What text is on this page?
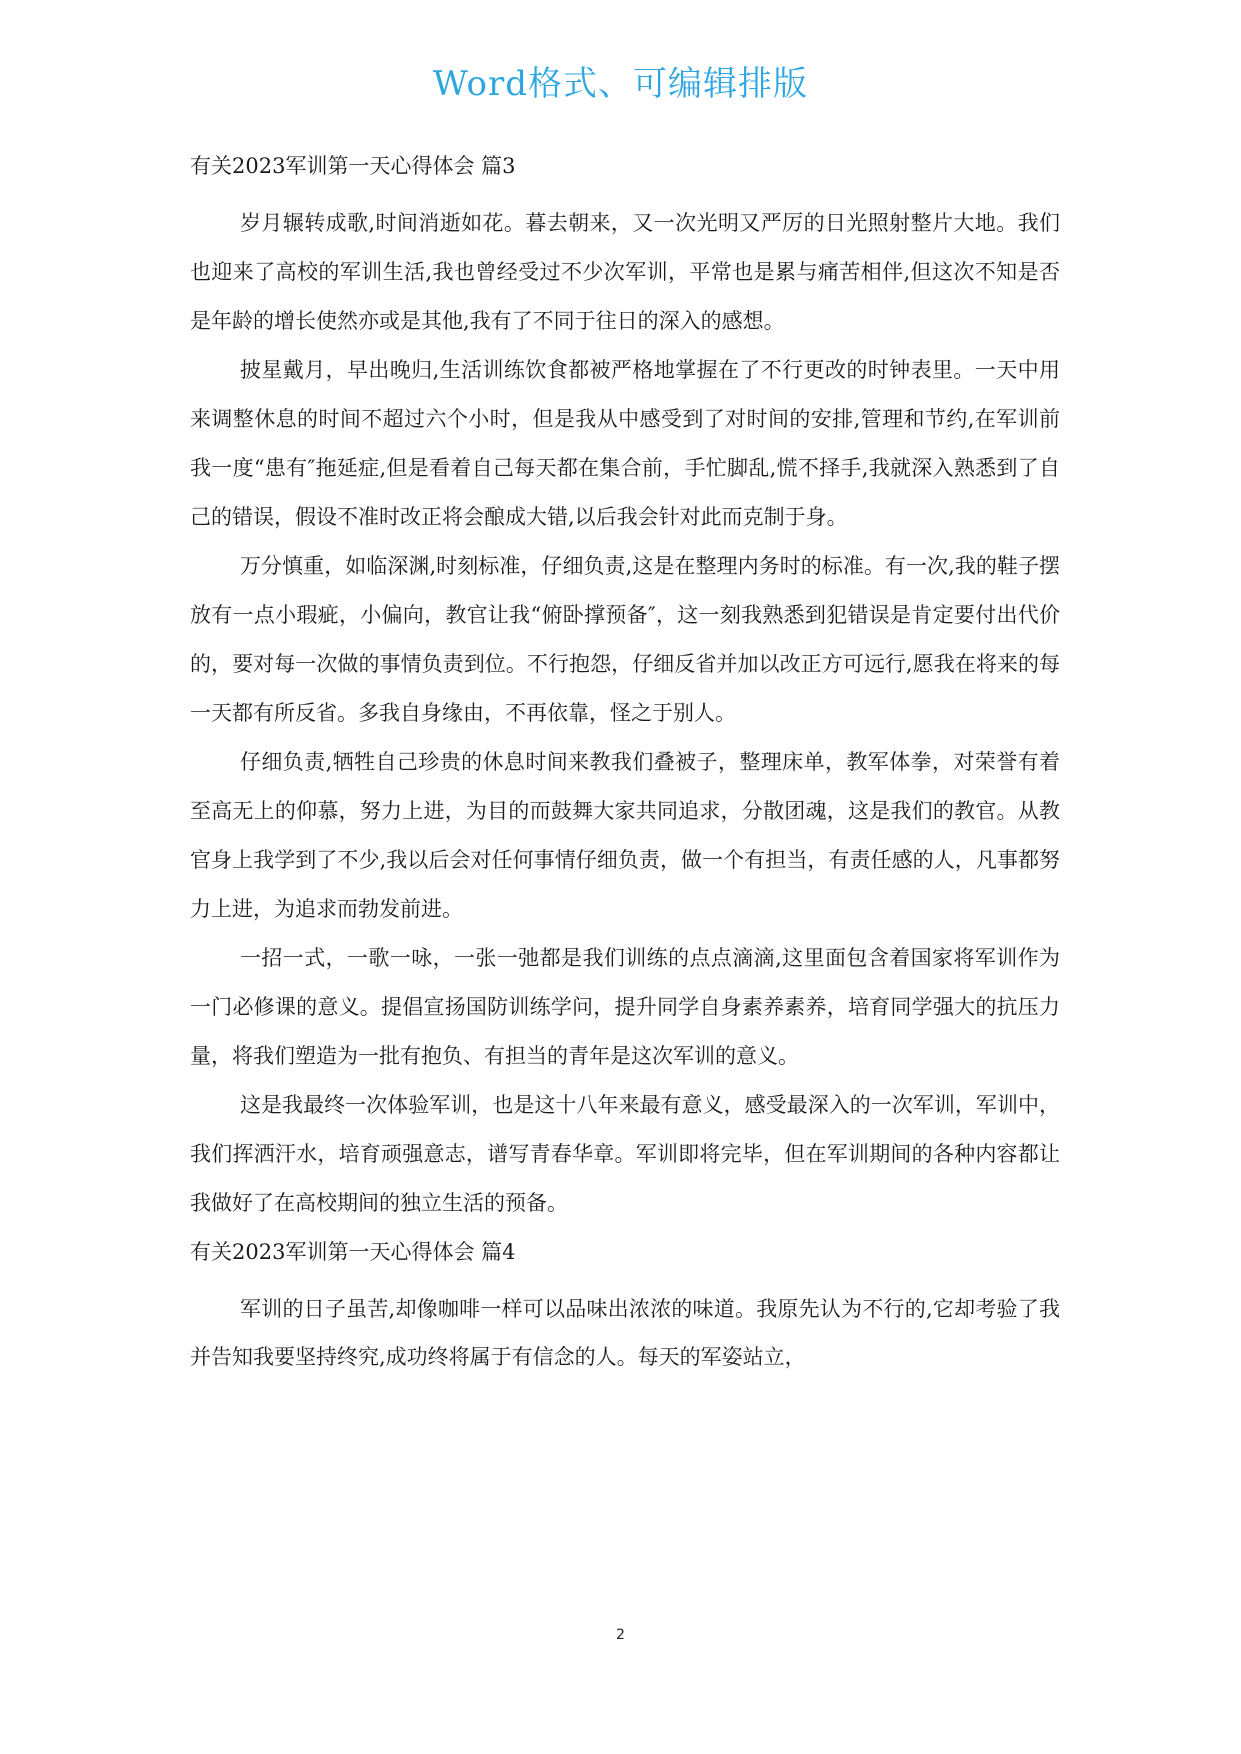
Word格式、可编辑排版
有关2023军训第一天心得体会 篇3

岁月辗转成歌,时间消逝如花。暮去朝来，又一次光明又严厉的日光照射整片大地。我们也迎来了高校的军训生活,我也曾经受过不少次军训，平常也是累与痛苦相伴,但这次不知是否是年龄的增长使然亦或是其他,我有了不同于往日的深入的感想。

披星戴月，早出晚归,生活训练饮食都被严格地掌握在了不行更改的时钟表里。一天中用来调整休息的时间不超过六个小时，但是我从中感受到了对时间的安排,管理和节约,在军训前我一度“患有″拖延症,但是看着自己每天都在集合前，手忙脚乱,慌不择手,我就深入熟悉到了自己的错误，假设不准时改正将会酿成大错,以后我会针对此而克制于身。

万分慎重，如临深渊,时刻标准，仔细负责,这是在整理内务时的标准。有一次,我的鞋子摆放有一点小瑕疵，小偏向，教官让我“俯卧撑预备″，这一刻我熟悉到犯错误是肯定要付出代价的，要对每一次做的事情负责到位。不行抱怨，仔细反省并加以改正方可远行,愿我在将来的每一天都有所反省。多我自身缘由，不再依靠，怪之于别人。

仔细负责,牺牲自己珍贵的休息时间来教我们叠被子，整理床单，教军体拳，对荣誉有着至高无上的仰慕，努力上进，为目的而鼓舞大家共同追求，分散团魂，这是我们的教官。从教官身上我学到了不少,我以后会对任何事情仔细负责，做一个有担当，有责任感的人，凡事都努力上进，为追求而勃发前进。

一招一式，一歌一咏，一张一弛都是我们训练的点点滴滴,这里面包含着国家将军训作为一门必修课的意义。提倡宣扬国防训练学问，提升同学自身素养素养，培育同学强大的抗压力量，将我们塑造为一批有抱负、有担当的青年是这次军训的意义。

这是我最终一次体验军训，也是这十八年来最有意义，感受最深入的一次军训，军训中，我们挥洒汗水，培育顽强意志，谱写青春华章。军训即将完毕，但在军训期间的各种内容都让我做好了在高校期间的独立生活的预备。

有关2023军训第一天心得体会 篇4

军训的日子虽苦,却像咖啡一样可以品味出浓浓的味道。我原先认为不行的,它却考验了我并告知我要坚持终究,成功终将属于有信念的人。每天的军姿站立，

2
